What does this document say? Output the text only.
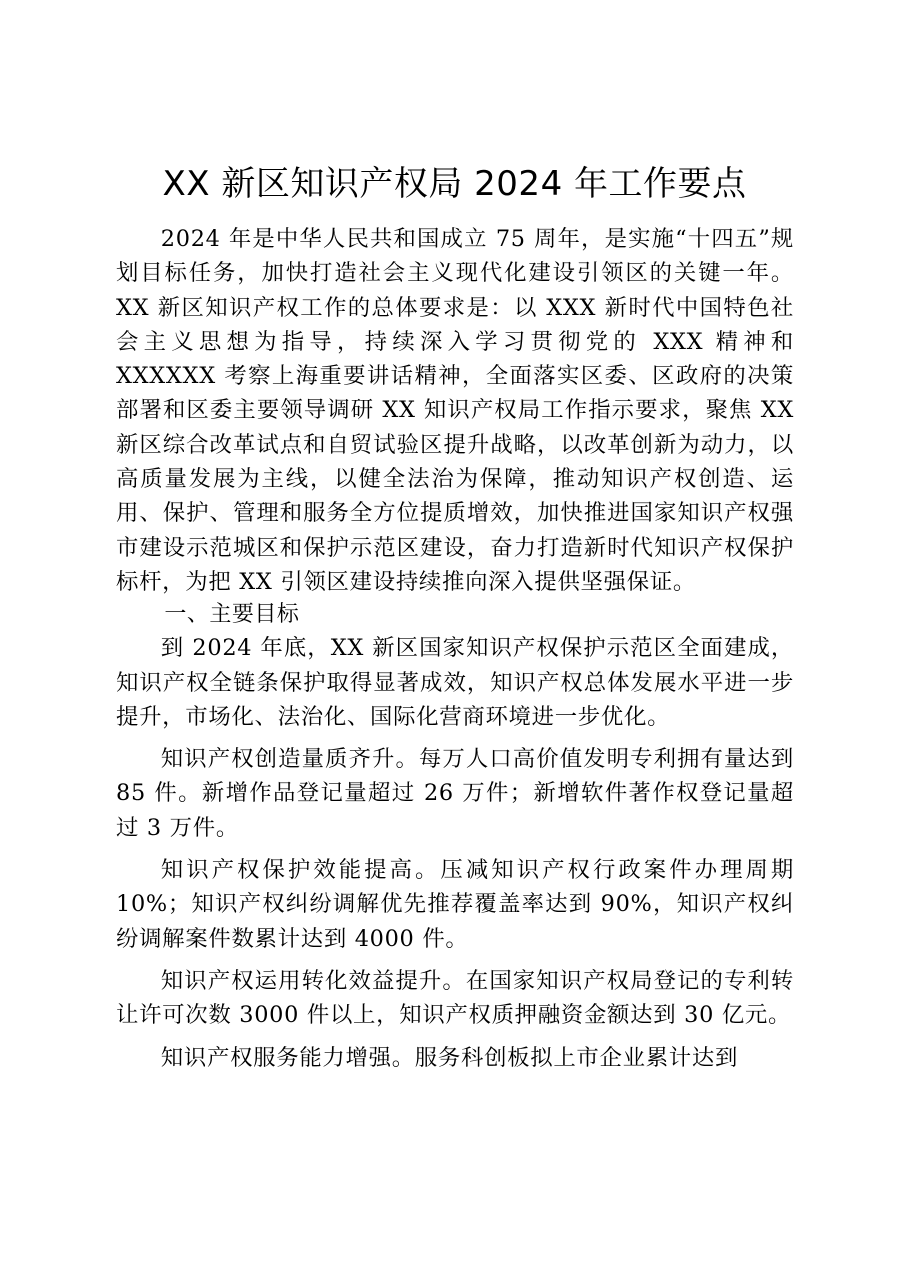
XX 新区知识产权局 2024 年工作要点

2024 年是中华人民共和国成立 75 周年，是实施“十四五”规划目标任务，加快打造社会主义现代化建设引领区的关键一年。XX 新区知识产权工作的总体要求是：以 XXX 新时代中国特色社会主义思想为指导，持续深入学习贯彻党的 XXX 精神和 XXXXXX 考察上海重要讲话精神，全面落实区委、区政府的决策部署和区委主要领导调研 XX 知识产权局工作指示要求，聚焦 XX 新区综合改革试点和自贸试验区提升战略，以改革创新为动力，以高质量发展为主线，以健全法治为保障，推动知识产权创造、运用、保护、管理和服务全方位提质增效，加快推进国家知识产权强市建设示范城区和保护示范区建设，奋力打造新时代知识产权保护标杆，为把 XX 引领区建设持续推向深入提供坚强保证。

一、主要目标

到 2024 年底，XX 新区国家知识产权保护示范区全面建成，知识产权全链条保护取得显著成效，知识产权总体发展水平进一步提升，市场化、法治化、国际化营商环境进一步优化。

知识产权创造量质齐升。每万人口高价值发明专利拥有量达到 85 件。新增作品登记量超过 26 万件；新增软件著作权登记量超过 3 万件。

知识产权保护效能提高。压减知识产权行政案件办理周期 10%；知识产权纠纷调解优先推荐覆盖率达到 90%，知识产权纠纷调解案件数累计达到 4000 件。

知识产权运用转化效益提升。在国家知识产权局登记的专利转让许可次数 3000 件以上，知识产权质押融资金额达到 30 亿元。

知识产权服务能力增强。服务科创板拟上市企业累计达到
